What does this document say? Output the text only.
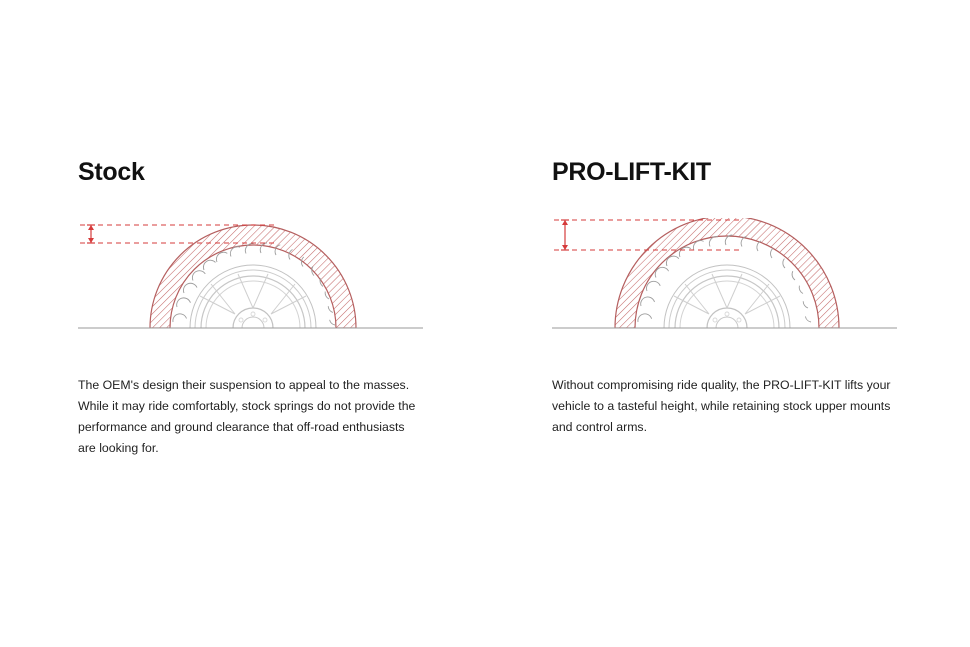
Stock

The OEM's design their suspension to appeal to the masses. While it may ride comfortably, stock springs do not provide the performance and ground clearance that off-road enthusiasts are looking for.

PRO-LIFT-KIT

Without compromising ride quality, the PRO-LIFT-KIT lifts your vehicle to a tasteful height, while retaining stock upper mounts and control arms.
